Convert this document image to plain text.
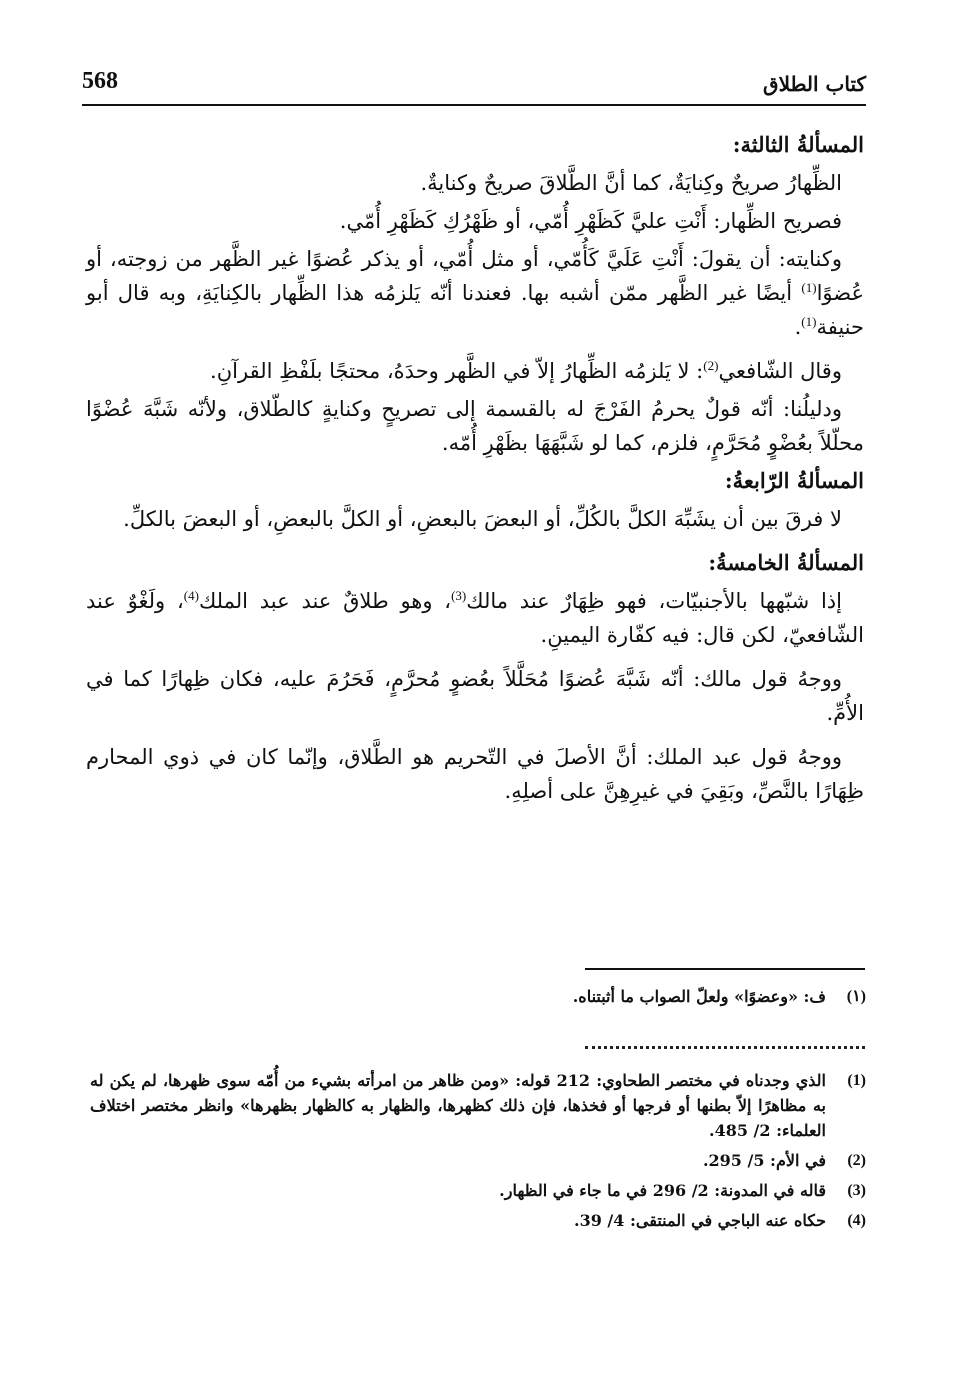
568	كتاب الطلاق
المسألةُ الثالثة:

الظِّهارُ صريحٌ وكِنايَةٌ، كما أنَّ الطَّلاقَ صريحٌ وكنايةٌ.

فصريح الظِّهار: أَنْتِ عليَّ كَظَهْرِ أُمّي، أو ظَهْرُكِ كَظَهْرِ أُمّي.

وكنايته: أن يقولَ: أَنْتِ عَلَيَّ كَأُمّي، أو مثل أُمّي، أو يذكر عُضوًا غير الظَّهر من زوجته، أو عُضوًا$^{(1)}$ أيضًا غير الظَّهر ممّن أشبه بها. فعندنا أنّه يَلزمُه هذا الظِّهار بالكِنايَةِ، وبه قال أبو حنيفة$^{(1)}$.

وقال الشّافعي$^{(2)}$: لا يَلزمُه الظِّهارُ إلاّ في الظَّهر وحدَهُ، محتجًا بلَفْظِ القرآنِ.

ودليلُنا: أنّه قولٌ يحرمُ الفَرْجَ له بالقسمة إلى تصريحٍ وكنايةٍ كالطّلاق، ولأنّه شَبَّهَ عُضْوًا محلّلاً بعُضْوٍ مُحَرَّمٍ، فلزم، كما لو شَبَّهَهَا بظَهْرِ أُمّه.

المسألةُ الرّابعةُ:

لا فرقَ بين أن يشَبِّهَ الكلَّ بالكُلِّ، أو البعضَ بالبعضِ، أو الكلَّ بالبعضِ، أو البعضَ بالكلِّ.

المسألةُ الخامسةُ:

إذا شبّهها بالأجنبيّات، فهو ظِهَارٌ عند مالك$^{(3)}$، وهو طلاقٌ عند عبد الملك$^{(4)}$، ولَغْوٌ عند الشّافعيّ، لكن قال: فيه كفّارة اليمينِ.

ووجهُ قول مالك: أنّه شَبَّهَ عُضوًا مُحَلَّلاً بعُضوٍ مُحرَّمٍ، فَحَرُمَ عليه، فكان ظِهارًا كما في الأُمِّ.

ووجهُ قول عبد الملك: أنَّ الأصلَ في التّحريم هو الطَّلاق، وإنّما كان في ذوي المحارم ظِهَارًا بالنَّصِّ، وبَقِيَ في غيرِهِنَّ على أصلِهِ.

(١)
ف: «وعضوًا» ولعلّ الصواب ما أثبتناه.
(1)
الذي وجدناه في مختصر الطحاوي: 212 قوله: «ومن ظاهر من امرأته بشيء من أُمّه سوى ظهرها، لم يكن له به مظاهرًا إلاّ بطنها أو فرجها أو فخذها، فإن ذلك كظهرها، والظهار به كالظهار بظهرها» وانظر مختصر اختلاف العلماء: 2/ 485.
(2)
في الأم: 5/ 295.
(3)
قاله في المدونة: 2/ 296 في ما جاء في الظهار.
(4)
حكاه عنه الباجي في المنتقى: 4/ 39.
